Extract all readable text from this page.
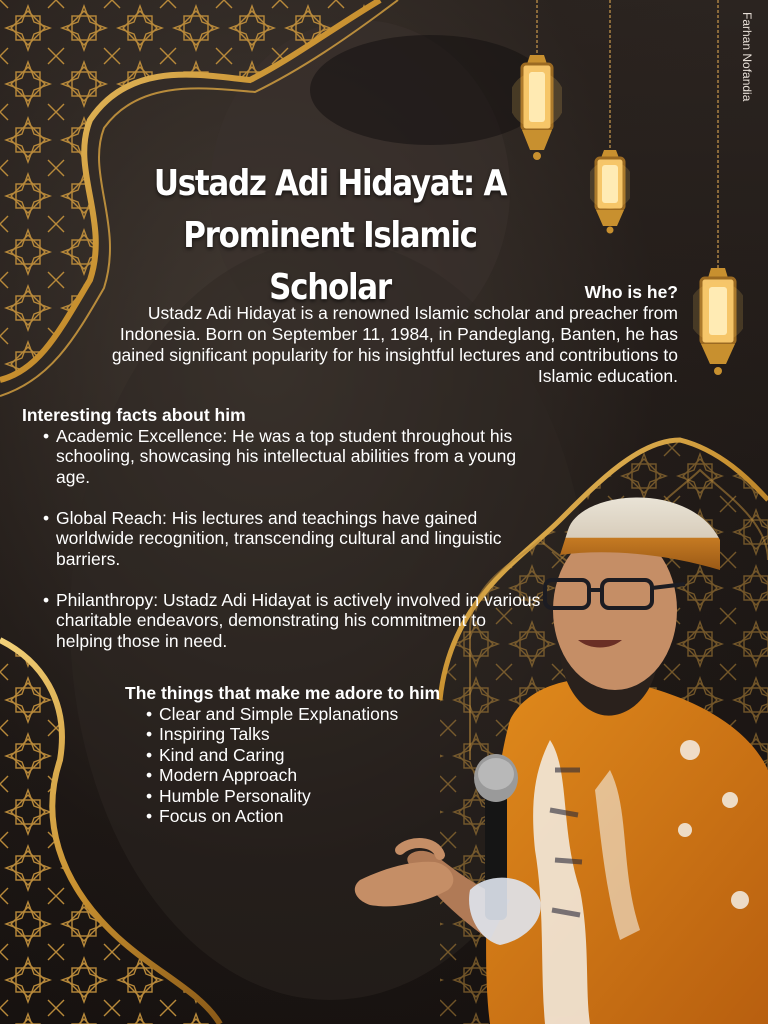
Farhan Nofandia
Ustadz Adi Hidayat: A Prominent Islamic Scholar	Who is he?
Ustadz Adi Hidayat is a renowned Islamic scholar and preacher from Indonesia. Born on September 11, 1984, in Pandeglang, Banten, he has gained significant popularity for his insightful lectures and contributions to Islamic education.
Interesting facts about him
• Academic Excellence: He was a top student throughout his schooling, showcasing his intellectual abilities from a young age.
• Global Reach: His lectures and teachings have gained worldwide recognition, transcending cultural and linguistic barriers.
• Philanthropy: Ustadz Adi Hidayat is actively involved in various charitable endeavors, demonstrating his commitment to helping those in need.
The things that make me adore to him
• Clear and Simple Explanations
• Inspiring Talks
• Kind and Caring
• Modern Approach
• Humble Personality
• Focus on Action
